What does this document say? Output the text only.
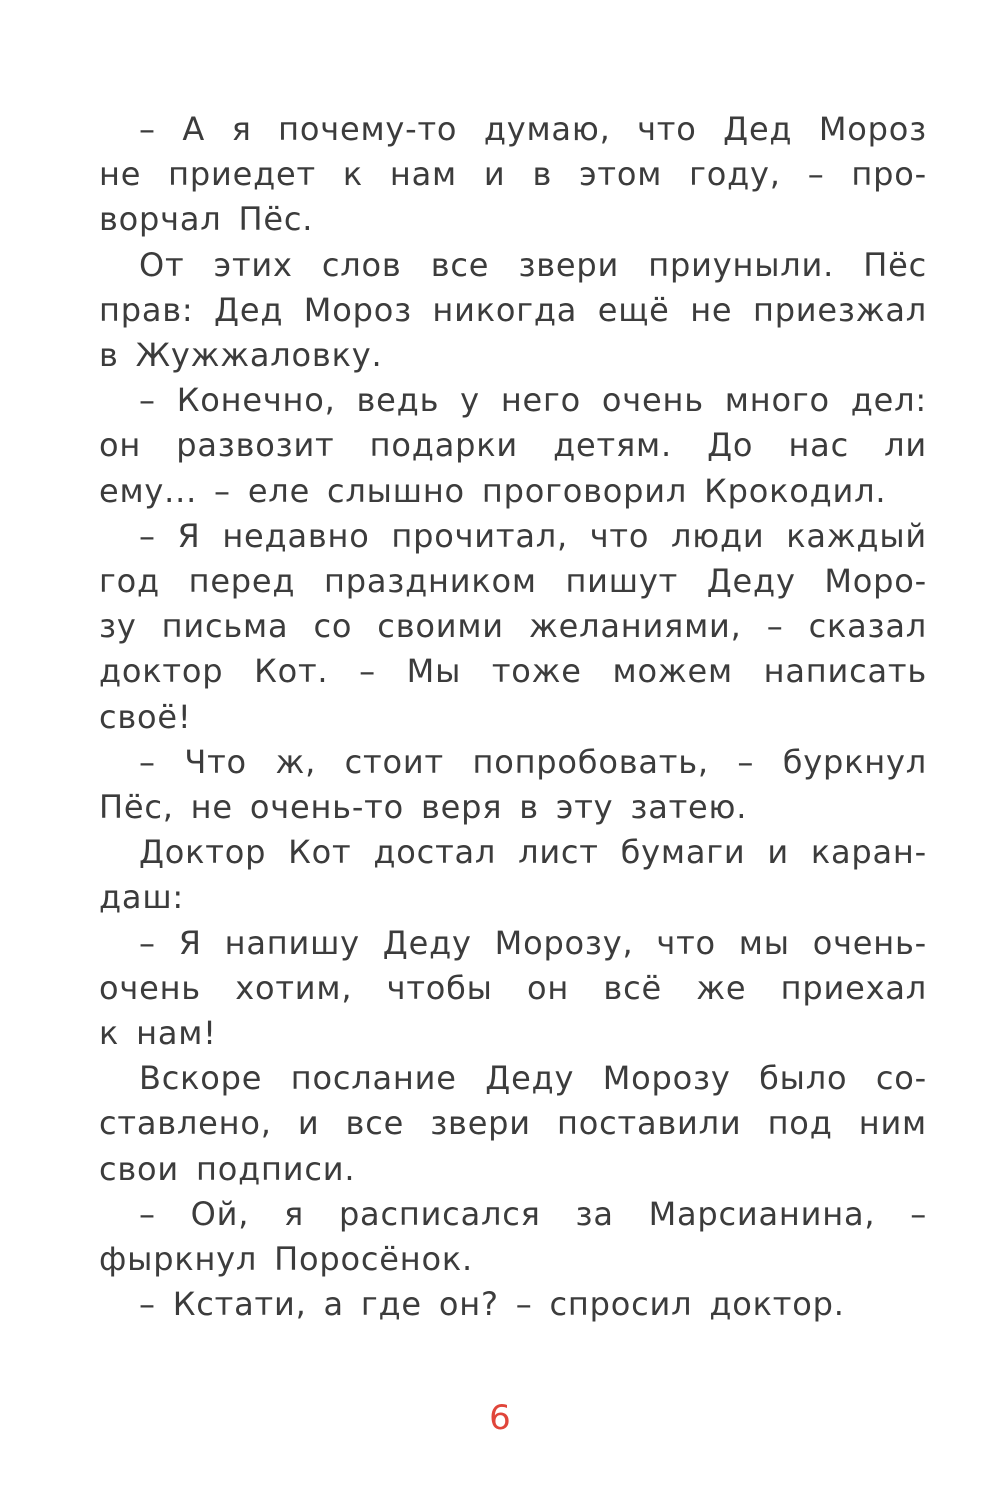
– А я почему-то думаю, что Дед Мороз
не приедет к нам и в этом году, – про-
ворчал Пёс.

От этих слов все звери приуныли. Пёс
прав: Дед Мороз никогда ещё не приезжал
в Жужжаловку.

– Конечно, ведь у него очень много дел:
он развозит подарки детям. До нас ли
ему... – еле слышно проговорил Крокодил.

– Я недавно прочитал, что люди каждый
год перед праздником пишут Деду Моро-
зу письма со своими желаниями, – сказал
доктор Кот. – Мы тоже можем написать
своё!

– Что ж, стоит попробовать, – буркнул
Пёс, не очень-то веря в эту затею.

Доктор Кот достал лист бумаги и каран-
даш:

– Я напишу Деду Морозу, что мы очень-
очень хотим, чтобы он всё же приехал
к нам!

Вскоре послание Деду Морозу было со-
ставлено, и все звери поставили под ним
свои подписи.

– Ой, я расписался за Марсианина, –
фыркнул Поросёнок.

– Кстати, а где он? – спросил доктор.

6
